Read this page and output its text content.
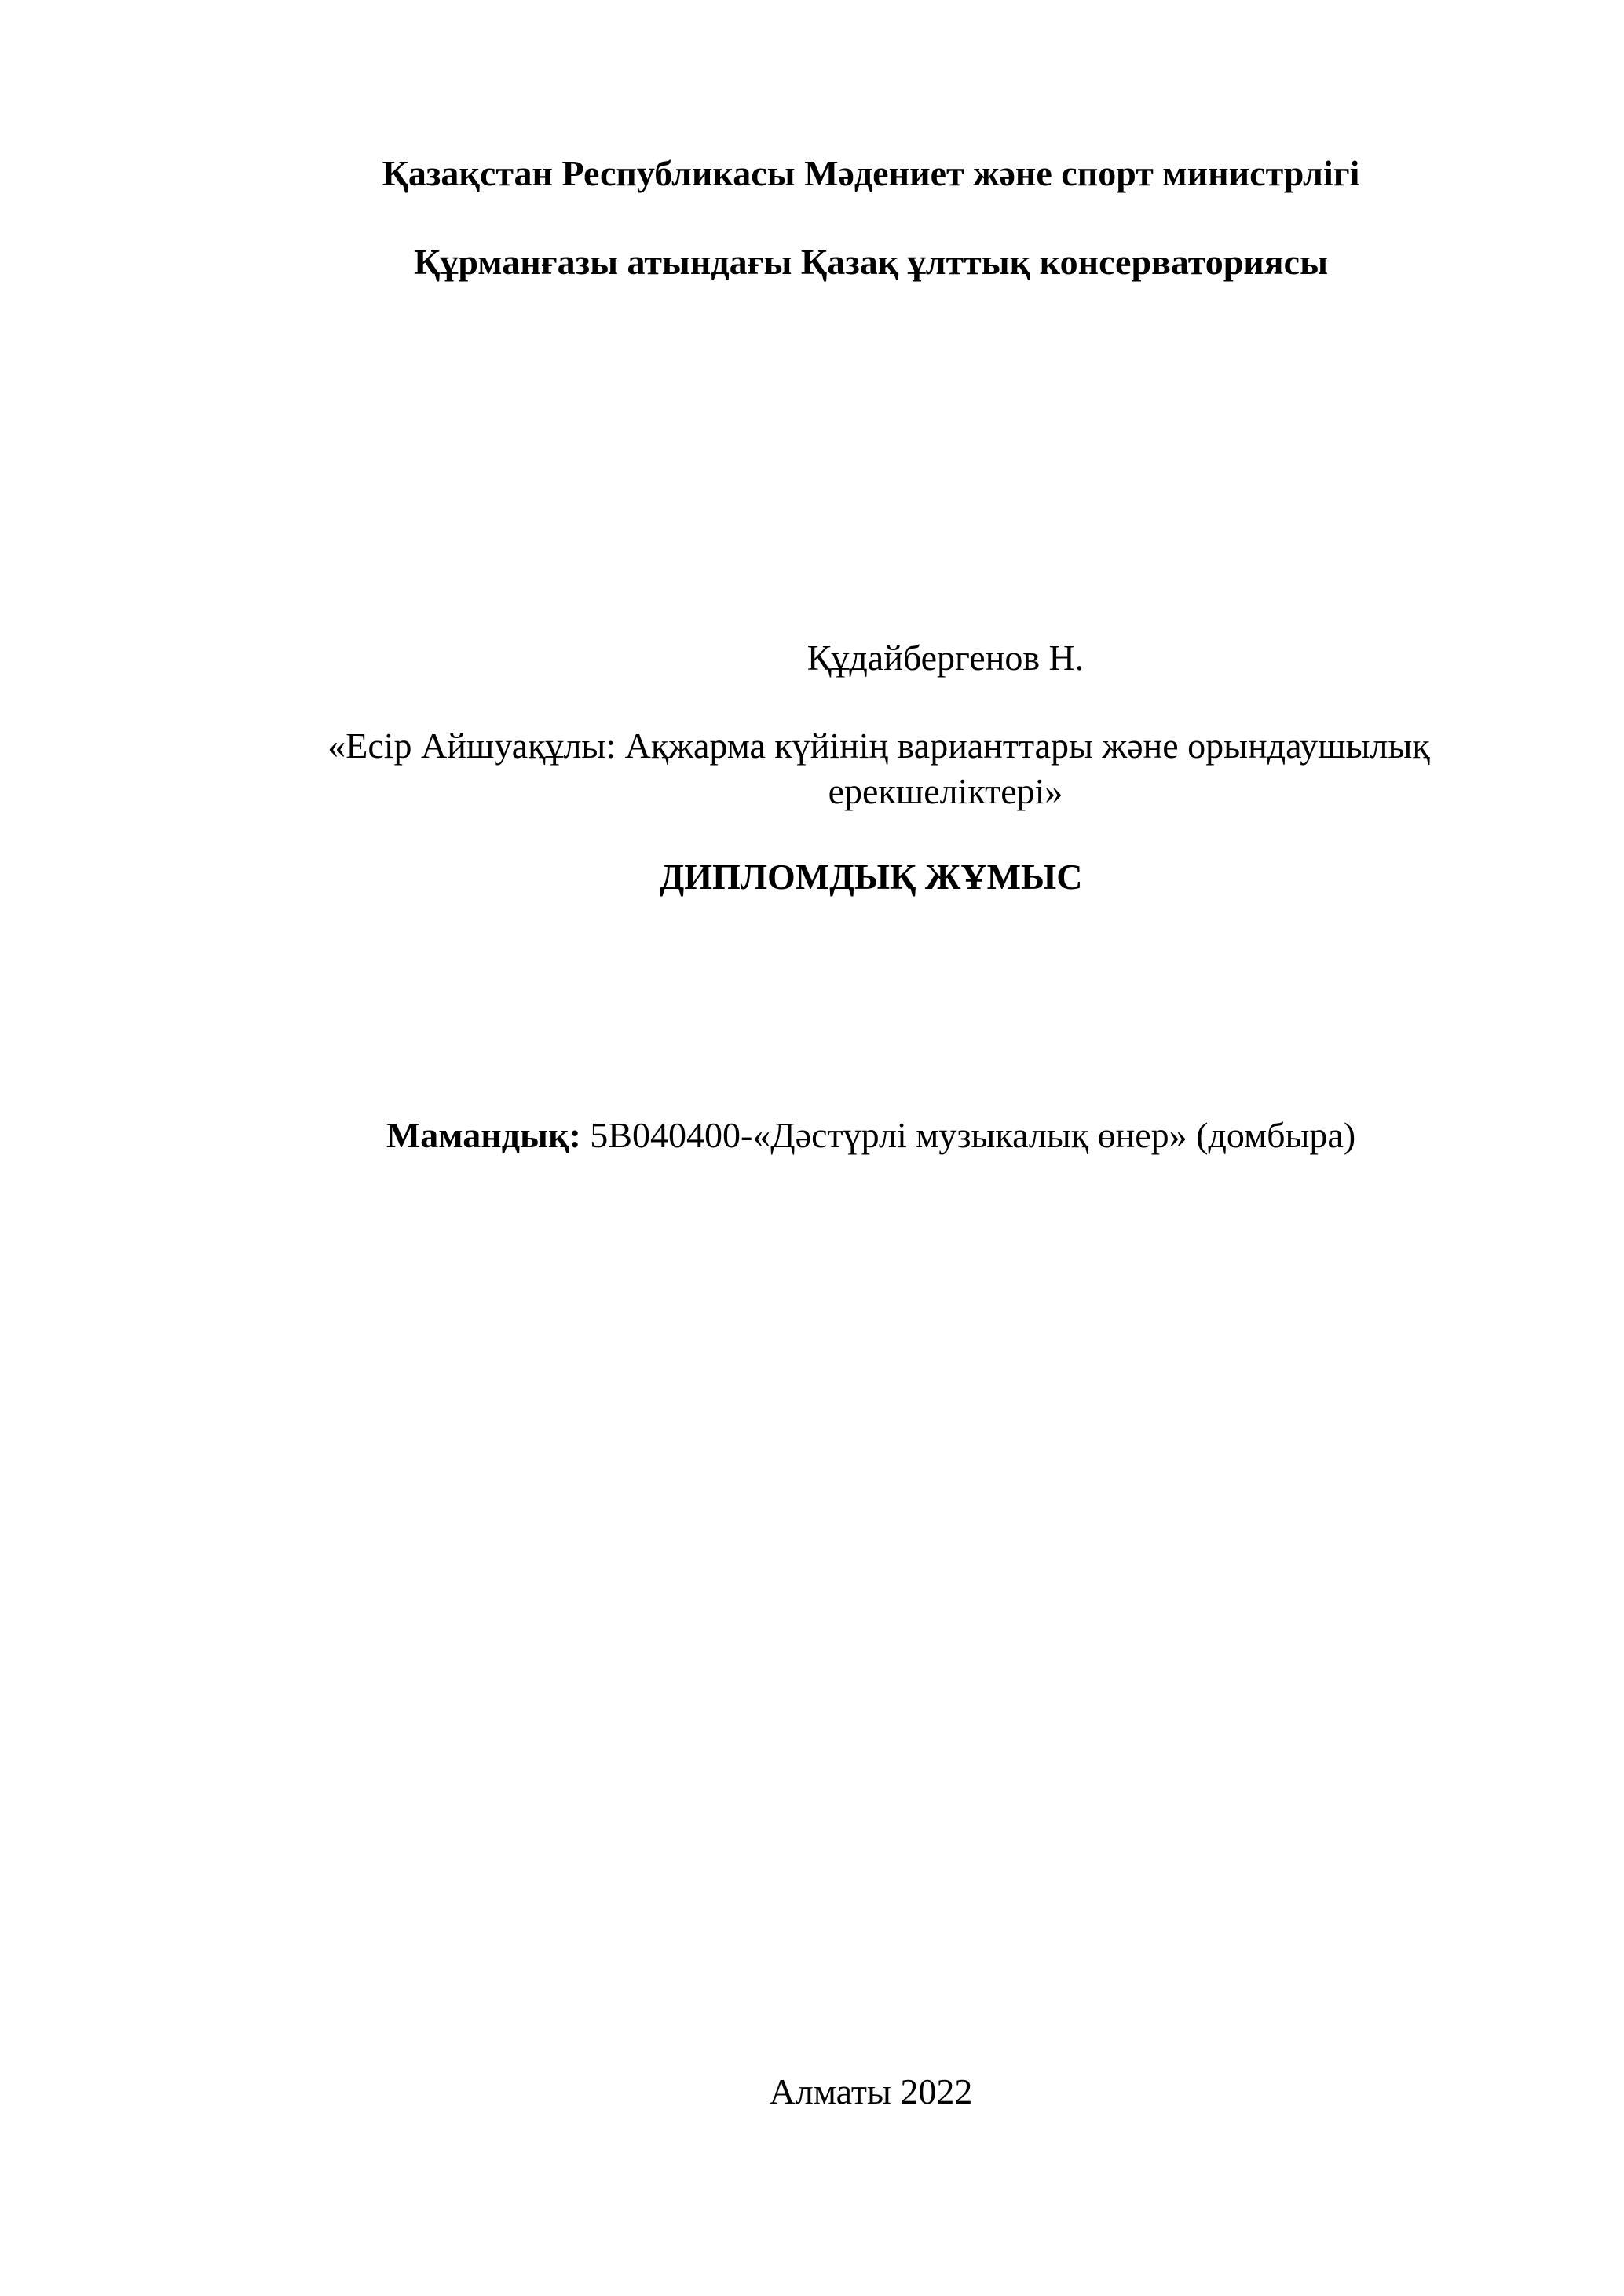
Қазақстан Республикасы Мәдениет және спорт министрлігі
Құрманғазы атындағы Қазақ ұлттық консерваториясы
Құдайбергенов Н.
«Есір Айшуақұлы: Ақжарма күйінің варианттары және орындаушылық
ерекшеліктері»
ДИПЛОМДЫҚ ЖҰМЫС
Мамандық: 5В040400-«Дәстүрлі музыкалық өнер» (домбыра)
Алматы 2022
